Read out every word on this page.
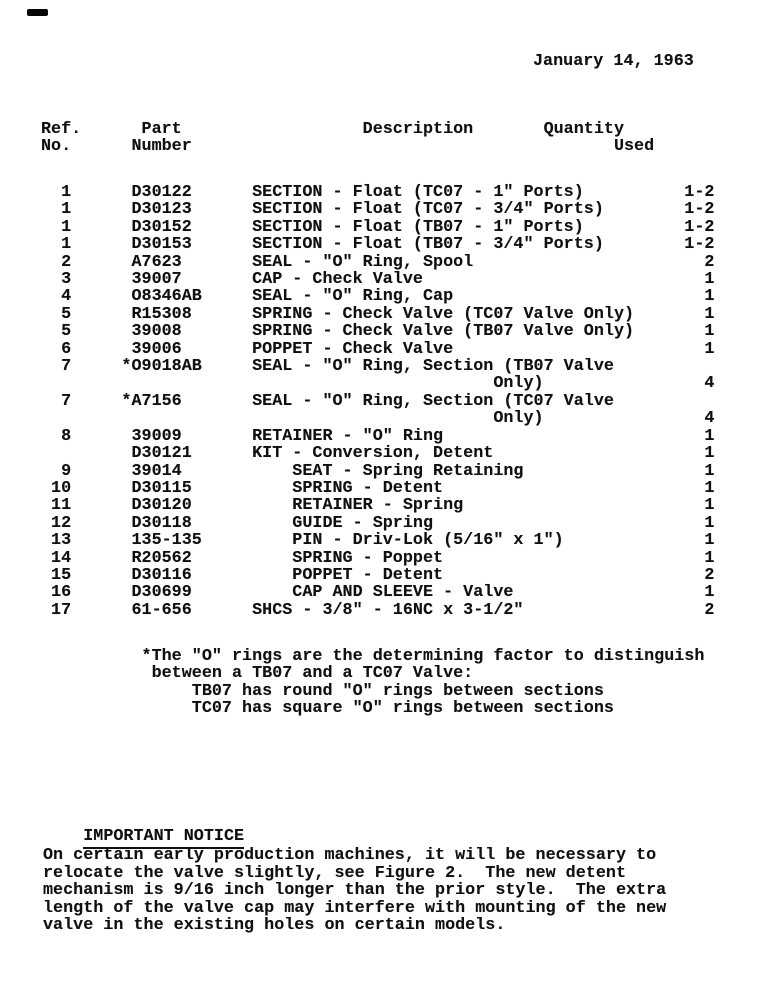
January 14, 1963
Ref.      Part                  Description       Quantity
No.      Number                                          Used
1      D30122      SECTION - Float (TC07 - 1" Ports)          1-2
1      D30123      SECTION - Float (TC07 - 3/4" Ports)        1-2
1      D30152      SECTION - Float (TB07 - 1" Ports)          1-2
1      D30153      SECTION - Float (TB07 - 3/4" Ports)        1-2
2      A7623       SEAL - "O" Ring, Spool                       2
3      39007       CAP - Check Valve                            1
4      O8346AB     SEAL - "O" Ring, Cap                         1
5      R15308      SPRING - Check Valve (TC07 Valve Only)       1
5      39008       SPRING - Check Valve (TB07 Valve Only)       1
6      39006       POPPET - Check Valve                         1
7     *O9018AB     SEAL - "O" Ring, Section (TB07 Valve
Only)                4
7     *A7156       SEAL - "O" Ring, Section (TC07 Valve
Only)                4
8      39009       RETAINER - "O" Ring                          1
D30121      KIT - Conversion, Detent                     1
9      39014           SEAT - Spring Retaining                  1
10      D30115          SPRING - Detent                          1
11      D30120          RETAINER - Spring                        1
12      D30118          GUIDE - Spring                           1
13      135-135         PIN - Driv-Lok (5/16" x 1")              1
14      R20562          SPRING - Poppet                          1
15      D30116          POPPET - Detent                          2
16      D30699          CAP AND SLEEVE - Valve                   1
17      61-656      SHCS - 3/8" - 16NC x 3-1/2"                  2
*The "O" rings are the determining factor to distinguish
between a TB07 and a TC07 Valve:
TB07 has round "O" rings between sections
TC07 has square "O" rings between sections

IMPORTANT NOTICE

On certain early production machines, it will be necessary to
relocate the valve slightly, see Figure 2.  The new detent
mechanism is 9/16 inch longer than the prior style.  The extra
length of the valve cap may interfere with mounting of the new
valve in the existing holes on certain models.
